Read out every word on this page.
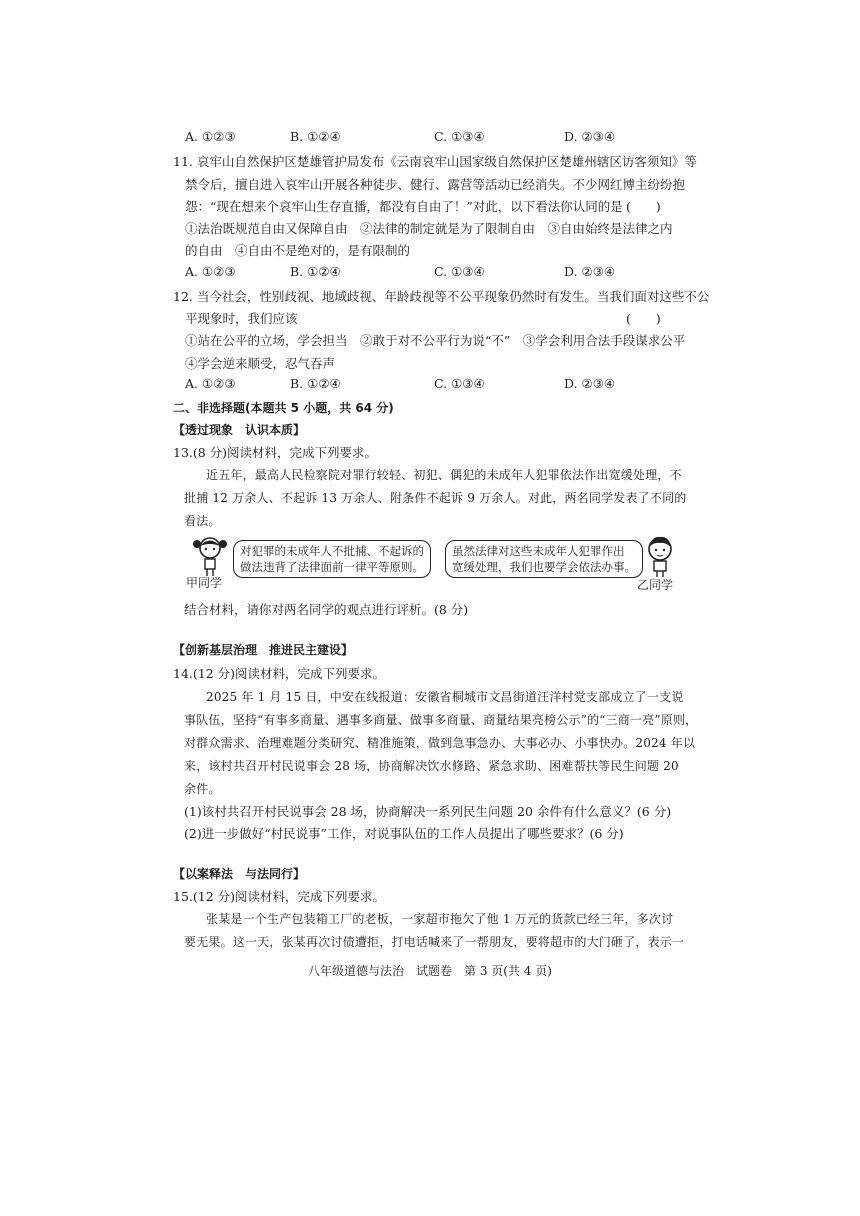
A. ①②③	B. ①②④	C. ①③④	D. ②③④
11. 哀牢山自然保护区楚雄管护局发布《云南哀牢山国家级自然保护区楚雄州辖区访客须知》等
禁令后，擅自进入哀牢山开展各种徒步、健行、露营等活动已经消失。不少网红博主纷纷抱
怨：“现在想来个哀牢山生存直播，都没有自由了！”对此，以下看法你认同的是 (　　)
①法治既规范自由又保障自由　②法律的制定就是为了限制自由　③自由始终是法律之内
的自由　④自由不是绝对的，是有限制的
A. ①②③	B. ①②④	C. ①③④	D. ②③④
12. 当今社会，性别歧视、地域歧视、年龄歧视等不公平现象仍然时有发生。当我们面对这些不公
平现象时，我们应该	(　　)
①站在公平的立场，学会担当　②敢于对不公平行为说“不”　③学会利用合法手段谋求公平
④学会逆来顺受，忍气吞声
A. ①②③	B. ①②④	C. ①③④	D. ②③④
二、非选择题(本题共 5 小题，共 64 分)
【透过现象　认识本质】
13.(8 分)阅读材料，完成下列要求。
近五年，最高人民检察院对罪行较轻、初犯、偶犯的未成年人犯罪依法作出宽缓处理，不
批捕 12 万余人、不起诉 13 万余人、附条件不起诉 9 万余人。对此，两名同学发表了不同的
看法。
对犯罪的未成年人不批捕、不起诉的
做法违背了法律面前一律平等原则。
虽然法律对这些未成年人犯罪作出
宽缓处理，我们也要学会依法办事。
甲同学	乙同学
结合材料，请你对两名同学的观点进行评析。(8 分)
【创新基层治理　推进民主建设】
14.(12 分)阅读材料，完成下列要求。
2025 年 1 月 15 日，中安在线报道：安徽省桐城市文昌街道汪洋村党支部成立了一支说
事队伍，坚持“有事多商量、遇事多商量、做事多商量、商量结果亮榜公示”的“三商一亮”原则，
对群众需求、治理难题分类研究、精准施策，做到急事急办、大事必办、小事快办。2024 年以
来，该村共召开村民说事会 28 场，协商解决饮水修路、紧急求助、困难帮扶等民生问题 20
余件。
(1)该村共召开村民说事会 28 场，协商解决一系列民生问题 20 余件有什么意义？(6 分)
(2)进一步做好“村民说事”工作，对说事队伍的工作人员提出了哪些要求？(6 分)
【以案释法　与法同行】
15.(12 分)阅读材料，完成下列要求。
张某是一个生产包装箱工厂的老板，一家超市拖欠了他 1 万元的货款已经三年，多次讨
要无果。这一天，张某再次讨债遭拒，打电话喊来了一帮朋友，要将超市的大门砸了，表示一
八年级道德与法治　试题卷　第 3 页(共 4 页)
